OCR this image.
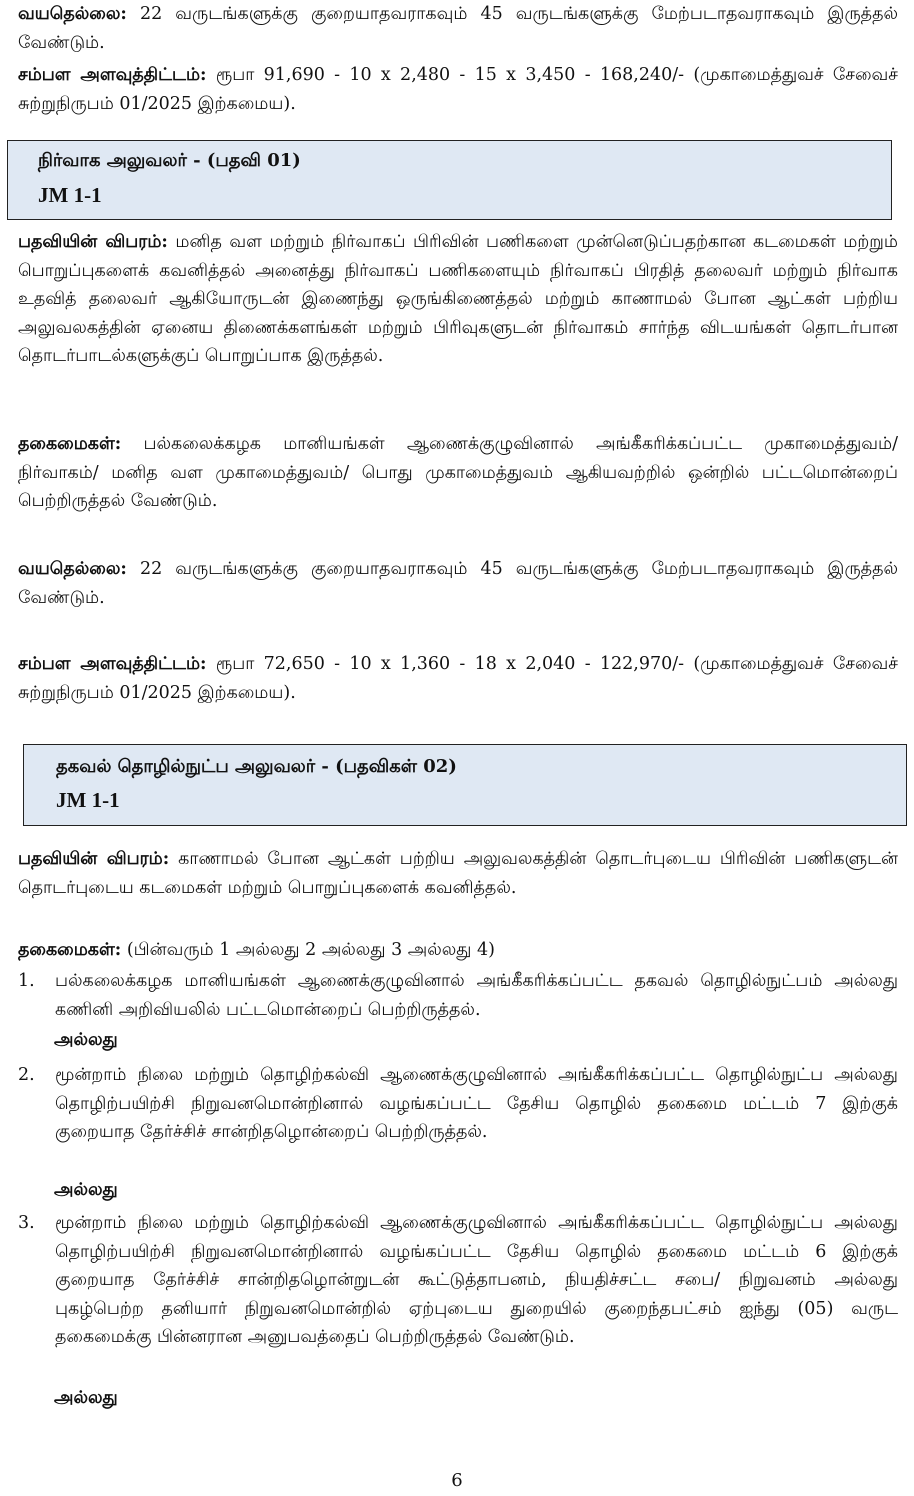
வயதெல்லை: 22 வருடங்களுக்கு குறையாதவராகவும் 45 வருடங்களுக்கு மேற்படாதவராகவும் இருத்தல் வேண்டும்.

சம்பள அளவுத்திட்டம்: ரூபா 91,690 - 10 x 2,480 - 15 x 3,450 - 168,240/- (முகாமைத்துவச் சேவைச் சுற்றுநிருபம் 01/2025 இற்கமைய).

நிர்வாக அலுவலர் - (பதவி 01)
JM 1-1

பதவியின் விபரம்: மனித வள மற்றும் நிர்வாகப் பிரிவின் பணிகளை முன்னெடுப்பதற்கான கடமைகள் மற்றும் பொறுப்புகளைக் கவனித்தல் அனைத்து நிர்வாகப் பணிகளையும் நிர்வாகப் பிரதித் தலைவர் மற்றும் நிர்வாக உதவித் தலைவர் ஆகியோருடன் இணைந்து ஒருங்கிணைத்தல் மற்றும் காணாமல் போன ஆட்கள் பற்றிய அலுவலகத்தின் ஏனைய திணைக்களங்கள் மற்றும் பிரிவுகளுடன் நிர்வாகம் சார்ந்த விடயங்கள் தொடர்பான தொடர்பாடல்களுக்குப் பொறுப்பாக இருத்தல்.

தகைமைகள்: பல்கலைக்கழக மானியங்கள் ஆணைக்குழுவினால் அங்கீகரிக்கப்பட்ட முகாமைத்துவம்/ நிர்வாகம்/ மனித வள முகாமைத்துவம்/ பொது முகாமைத்துவம் ஆகியவற்றில் ஒன்றில் பட்டமொன்றைப் பெற்றிருத்தல் வேண்டும்.

வயதெல்லை: 22 வருடங்களுக்கு குறையாதவராகவும் 45 வருடங்களுக்கு மேற்படாதவராகவும் இருத்தல் வேண்டும்.

சம்பள அளவுத்திட்டம்: ரூபா 72,650 - 10 x 1,360 - 18 x 2,040 - 122,970/- (முகாமைத்துவச் சேவைச் சுற்றுநிருபம் 01/2025 இற்கமைய).

தகவல் தொழில்நுட்ப அலுவலர் - (பதவிகள் 02)
JM 1-1

பதவியின் விபரம்: காணாமல் போன ஆட்கள் பற்றிய அலுவலகத்தின் தொடர்புடைய பிரிவின் பணிகளுடன் தொடர்புடைய கடமைகள் மற்றும் பொறுப்புகளைக் கவனித்தல்.

தகைமைகள்: (பின்வரும் 1 அல்லது 2 அல்லது 3 அல்லது 4)

1. பல்கலைக்கழக மானியங்கள் ஆணைக்குழுவினால் அங்கீகரிக்கப்பட்ட தகவல் தொழில்நுட்பம் அல்லது கணினி அறிவியலில் பட்டமொன்றைப் பெற்றிருத்தல்.

அல்லது
2. மூன்றாம் நிலை மற்றும் தொழிற்கல்வி ஆணைக்குழுவினால் அங்கீகரிக்கப்பட்ட தொழில்நுட்ப அல்லது தொழிற்பயிற்சி நிறுவனமொன்றினால் வழங்கப்பட்ட தேசிய தொழில் தகைமை மட்டம் 7 இற்குக் குறையாத தேர்ச்சிச் சான்றிதழொன்றைப் பெற்றிருத்தல்.

அல்லது
3. மூன்றாம் நிலை மற்றும் தொழிற்கல்வி ஆணைக்குழுவினால் அங்கீகரிக்கப்பட்ட தொழில்நுட்ப அல்லது தொழிற்பயிற்சி நிறுவனமொன்றினால் வழங்கப்பட்ட தேசிய தொழில் தகைமை மட்டம் 6 இற்குக் குறையாத தேர்ச்சிச் சான்றிதழொன்றுடன் கூட்டுத்தாபனம், நியதிச்சட்ட சபை/ நிறுவனம் அல்லது புகழ்பெற்ற தனியார் நிறுவனமொன்றில் ஏற்புடைய துறையில் குறைந்தபட்சம் ஐந்து (05) வருட தகைமைக்கு பின்னரான அனுபவத்தைப் பெற்றிருத்தல் வேண்டும்.

அல்லது
6
